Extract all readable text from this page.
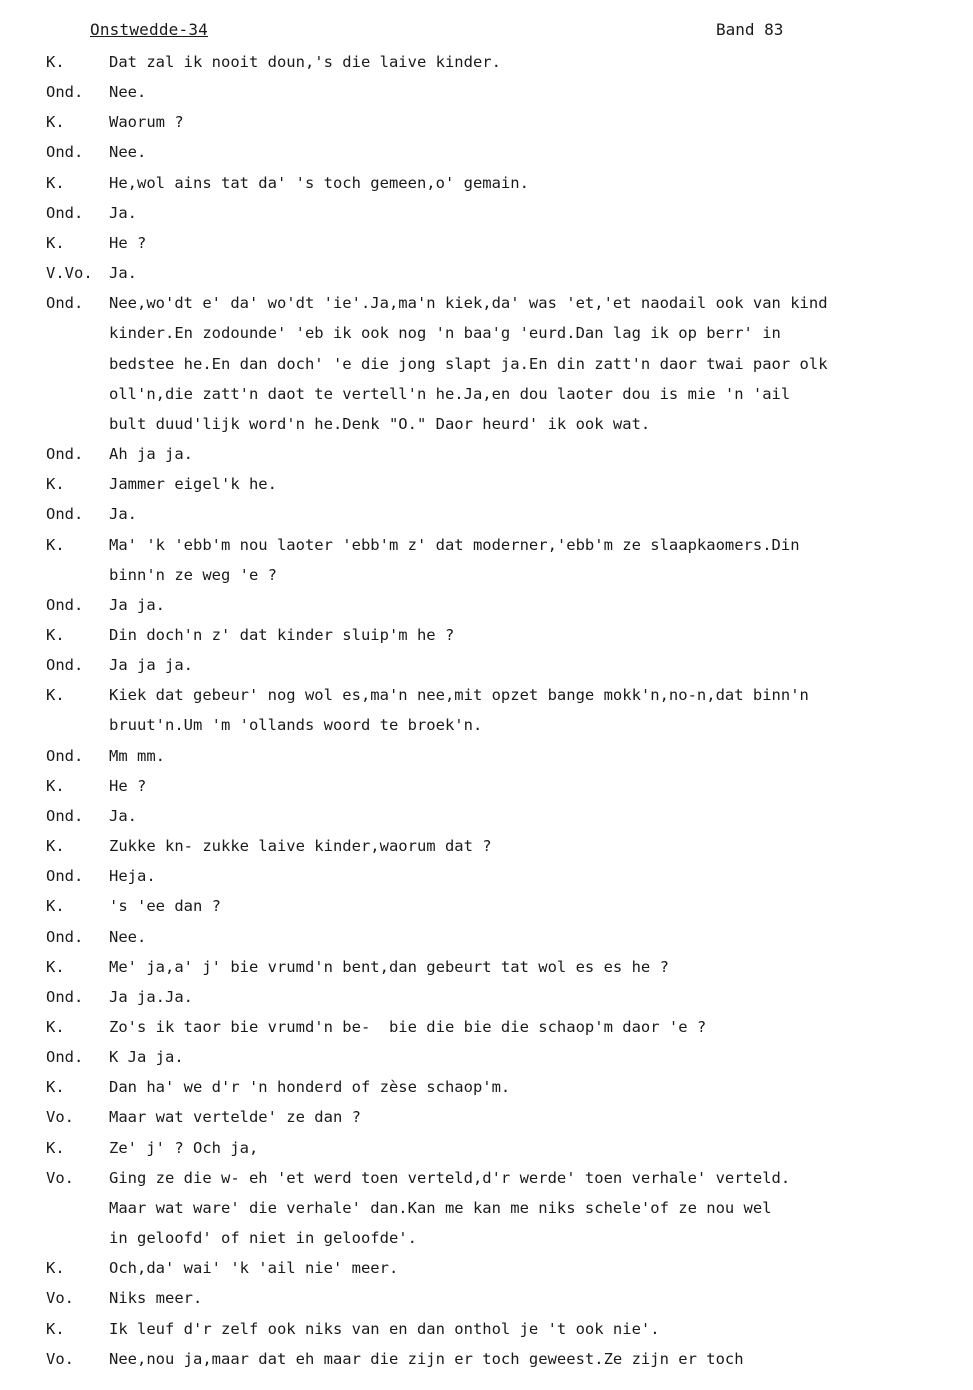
Onstwedde-34	Band 83
K.	Dat zal ik nooit doun,'s die laive kinder.
Ond.	Nee.
K.	Waorum ?
Ond.	Nee.
K.	He,wol ains tat da' 's toch gemeen,o' gemain.
Ond.	Ja.
K.	He ?
V.Vo.	Ja.
Ond.	Nee,wo'dt e' da' wo'dt 'ie'.Ja,ma'n kiek,da' was 'et,'et naodail ook van kind
kinder.En zodounde' 'eb ik ook nog 'n baa'g 'eurd.Dan lag ik op berr' in
bedstee he.En dan doch' 'e die jong slapt ja.En din zatt'n daor twai paor olk
oll'n,die zatt'n daot te vertell'n he.Ja,en dou laoter dou is mie 'n 'ail
bult duud'lijk word'n he.Denk "O." Daor heurd' ik ook wat.
Ond.	Ah ja ja.
K.	Jammer eigel'k he.
Ond.	Ja.
K.	Ma' 'k 'ebb'm nou laoter 'ebb'm z' dat moderner,'ebb'm ze slaapkaomers.Din
binn'n ze weg 'e ?
Ond.	Ja ja.
K.	Din doch'n z' dat kinder sluip'm he ?
Ond.	Ja ja ja.
K.	Kiek dat gebeur' nog wol es,ma'n nee,mit opzet bange mokk'n,no-n,dat binn'n
bruut'n.Um 'm 'ollands woord te broek'n.
Ond.	Mm mm.
K.	He ?
Ond.	Ja.
K.	Zukke kn- zukke laive kinder,waorum dat ?
Ond.	Heja.
K.	's 'ee dan ?
Ond.	Nee.
K.	Me' ja,a' j' bie vrumd'n bent,dan gebeurt tat wol es es he ?
Ond.	Ja ja.Ja.
K.	Zo's ik taor bie vrumd'n be-  bie die bie die schaop'm daor 'e ?
Ond.	K Ja ja.
K.	Dan ha' we d'r 'n honderd of zèse schaop'm.
Vo.	Maar wat vertelde' ze dan ?
K.	Ze' j' ? Och ja,
Vo.	Ging ze die w- eh 'et werd toen verteld,d'r werde' toen verhale' verteld.
Maar wat ware' die verhale' dan.Kan me kan me niks schele'of ze nou wel
in geloofd' of niet in geloofde'.
K.	Och,da' wai' 'k 'ail nie' meer.
Vo.	Niks meer.
K.	Ik leuf d'r zelf ook niks van en dan onthol je 't ook nie'.
Vo.	Nee,nou ja,maar dat eh maar die zijn er toch geweest.Ze zijn er toch
